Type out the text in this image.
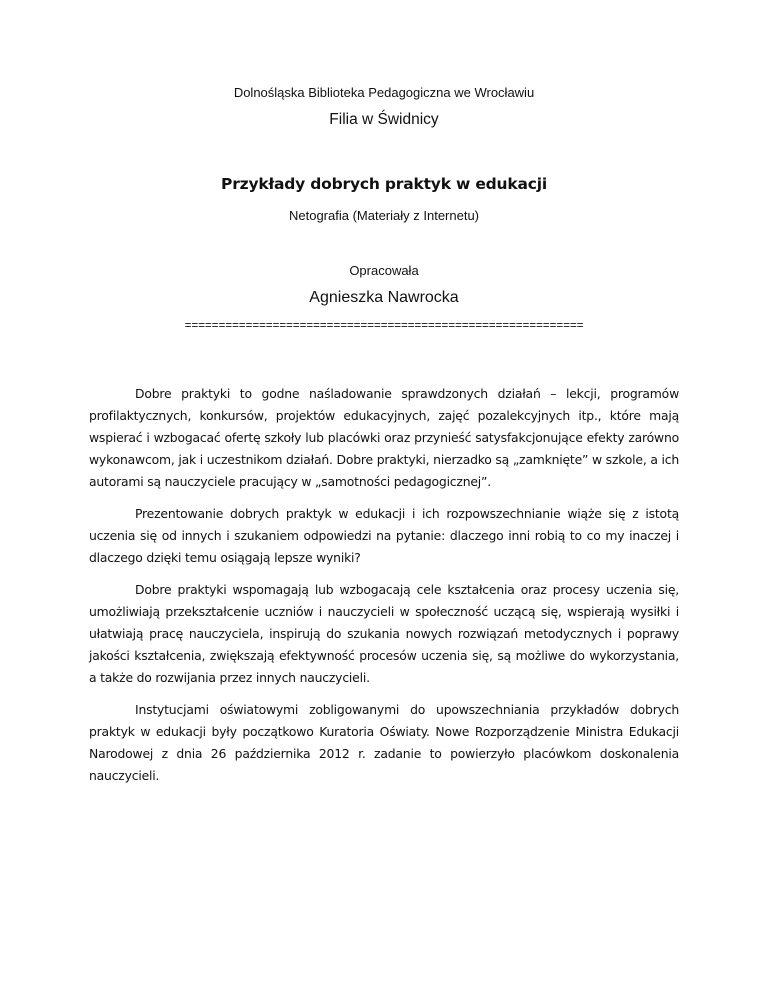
Dolnośląska Biblioteka Pedagogiczna we Wrocławiu
Filia w Świdnicy
Przykłady dobrych praktyk w edukacji
Netografia (Materiały z Internetu)
Opracowała
Agnieszka Nawrocka
===========================================================

Dobre praktyki to godne naśladowanie sprawdzonych działań – lekcji, programów profilaktycznych, konkursów, projektów edukacyjnych, zajęć pozalekcyjnych itp., które mają wspierać i wzbogacać ofertę szkoły lub placówki oraz przynieść satysfakcjonujące efekty zarówno wykonawcom, jak i uczestnikom działań. Dobre praktyki, nierzadko są „zamknięte” w szkole, a ich autorami są nauczyciele pracujący w „samotności pedagogicznej”.

Prezentowanie dobrych praktyk w edukacji i ich rozpowszechnianie wiąże się z istotą uczenia się od innych i szukaniem odpowiedzi na pytanie: dlaczego inni robią to co my inaczej i dlaczego dzięki temu osiągają lepsze wyniki?

Dobre praktyki wspomagają lub wzbogacają cele kształcenia oraz procesy uczenia się, umożliwiają przekształcenie uczniów i nauczycieli w społeczność uczącą się, wspierają wysiłki i ułatwiają pracę nauczyciela, inspirują do szukania nowych rozwiązań metodycznych i poprawy jakości kształcenia, zwiększają efektywność procesów uczenia się, są możliwe do wykorzystania, a także do rozwijania przez innych nauczycieli.

Instytucjami oświatowymi zobligowanymi do upowszechniania przykładów dobrych praktyk w edukacji były początkowo Kuratoria Oświaty. Nowe Rozporządzenie Ministra Edukacji Narodowej z dnia 26 października 2012 r. zadanie to powierzyło placówkom doskonalenia nauczycieli.
